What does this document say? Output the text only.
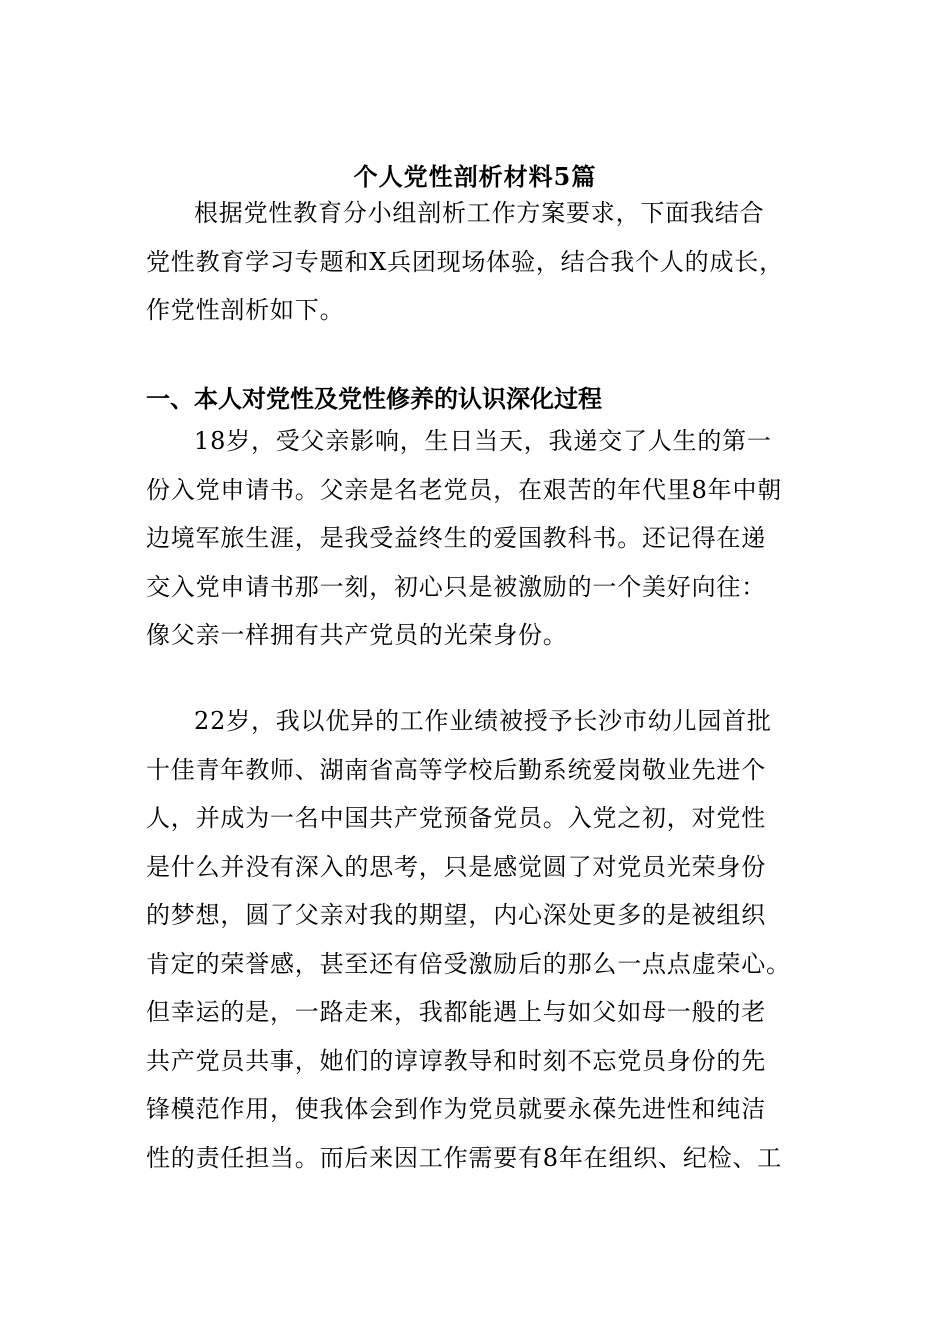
个人党性剖析材料5篇
根据党性教育分小组剖析工作方案要求，下面我结合
党性教育学习专题和X兵团现场体验，结合我个人的成长，
作党性剖析如下。
一、本人对党性及党性修养的认识深化过程
18岁，受父亲影响，生日当天，我递交了人生的第一
份入党申请书。父亲是名老党员，在艰苦的年代里8年中朝
边境军旅生涯，是我受益终生的爱国教科书。还记得在递
交入党申请书那一刻，初心只是被激励的一个美好向往：
像父亲一样拥有共产党员的光荣身份。
22岁，我以优异的工作业绩被授予长沙市幼儿园首批
十佳青年教师、湖南省高等学校后勤系统爱岗敬业先进个
人，并成为一名中国共产党预备党员。入党之初，对党性
是什么并没有深入的思考，只是感觉圆了对党员光荣身份
的梦想，圆了父亲对我的期望，内心深处更多的是被组织
肯定的荣誉感，甚至还有倍受激励后的那么一点点虚荣心。
但幸运的是，一路走来，我都能遇上与如父如母一般的老
共产党员共事，她们的谆谆教导和时刻不忘党员身份的先
锋模范作用，使我体会到作为党员就要永葆先进性和纯洁
性的责任担当。而后来因工作需要有8年在组织、纪检、工
